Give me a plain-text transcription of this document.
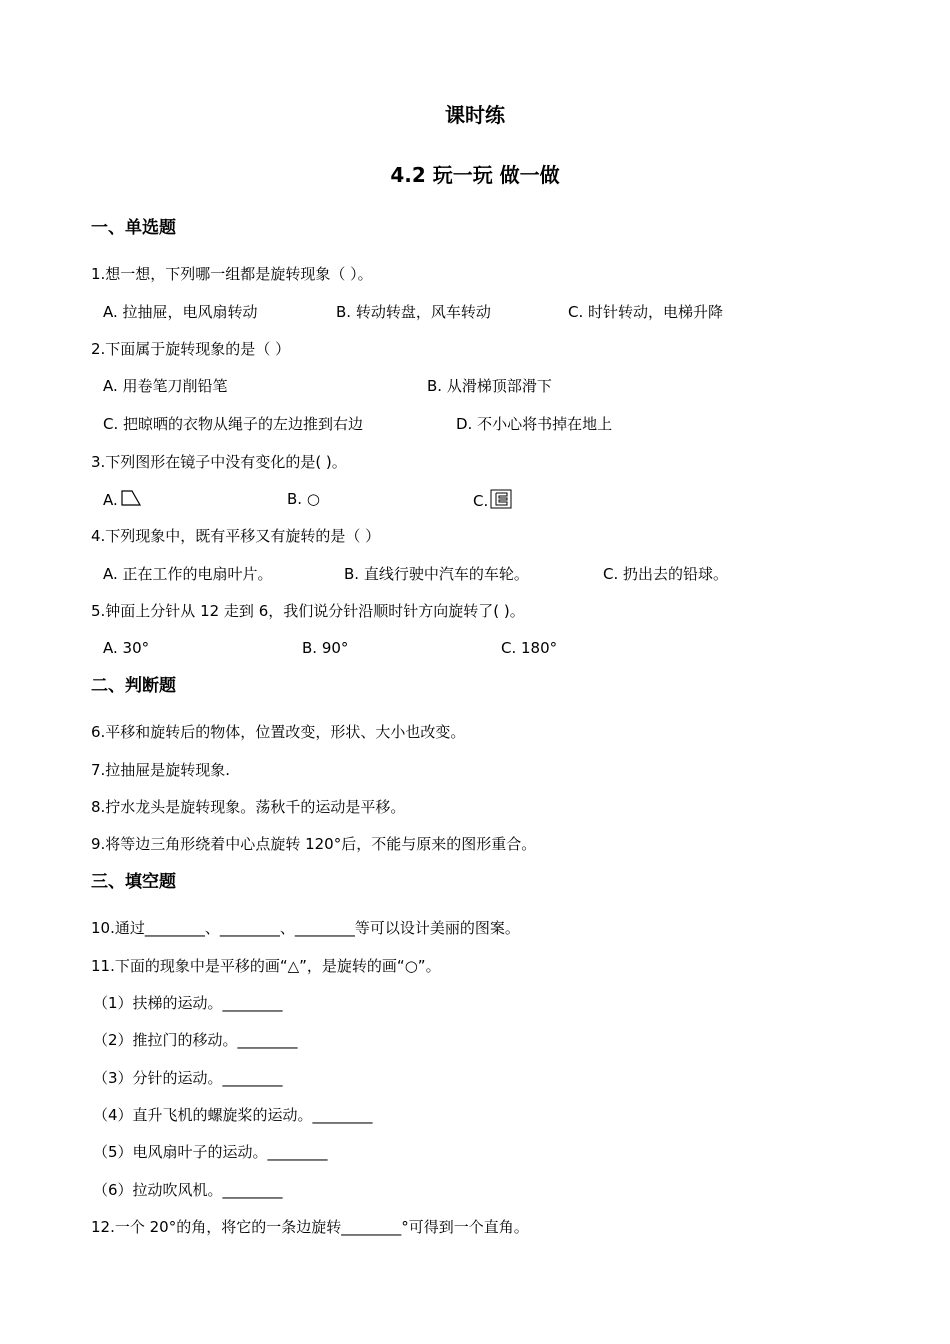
课时练
4.2 玩一玩 做一做
一、单选题
1.想一想，下列哪一组都是旋转现象（ ）。
A. 拉抽屉，电风扇转动	B. 转动转盘，风车转动	C. 时针转动，电梯升降
2.下面属于旋转现象的是（ ）
A. 用卷笔刀削铅笔	B. 从滑梯顶部滑下
C. 把晾晒的衣物从绳子的左边推到右边	D. 不小心将书掉在地上
3.下列图形在镜子中没有变化的是( )。
A.	B. ○	C.
4.下列现象中，既有平移又有旋转的是（ ）
A. 正在工作的电扇叶片。	B. 直线行驶中汽车的车轮。	C. 扔出去的铅球。
5.钟面上分针从 12 走到 6，我们说分针沿顺时针方向旋转了( )。
A. 30°	B. 90°	C. 180°
二、判断题
6.平移和旋转后的物体，位置改变，形状、大小也改变。
7.拉抽屉是旋转现象.
8.拧水龙头是旋转现象。荡秋千的运动是平移。
9.将等边三角形绕着中心点旋转 120°后，不能与原来的图形重合。
三、填空题
10.通过________、________、________等可以设计美丽的图案。
11.下面的现象中是平移的画“△”，是旋转的画“○”。
（1）扶梯的运动。________
（2）推拉门的移动。________
（3）分针的运动。________
（4）直升飞机的螺旋桨的运动。________
（5）电风扇叶子的运动。________
（6）拉动吹风机。________
12.一个 20°的角，将它的一条边旋转________°可得到一个直角。
